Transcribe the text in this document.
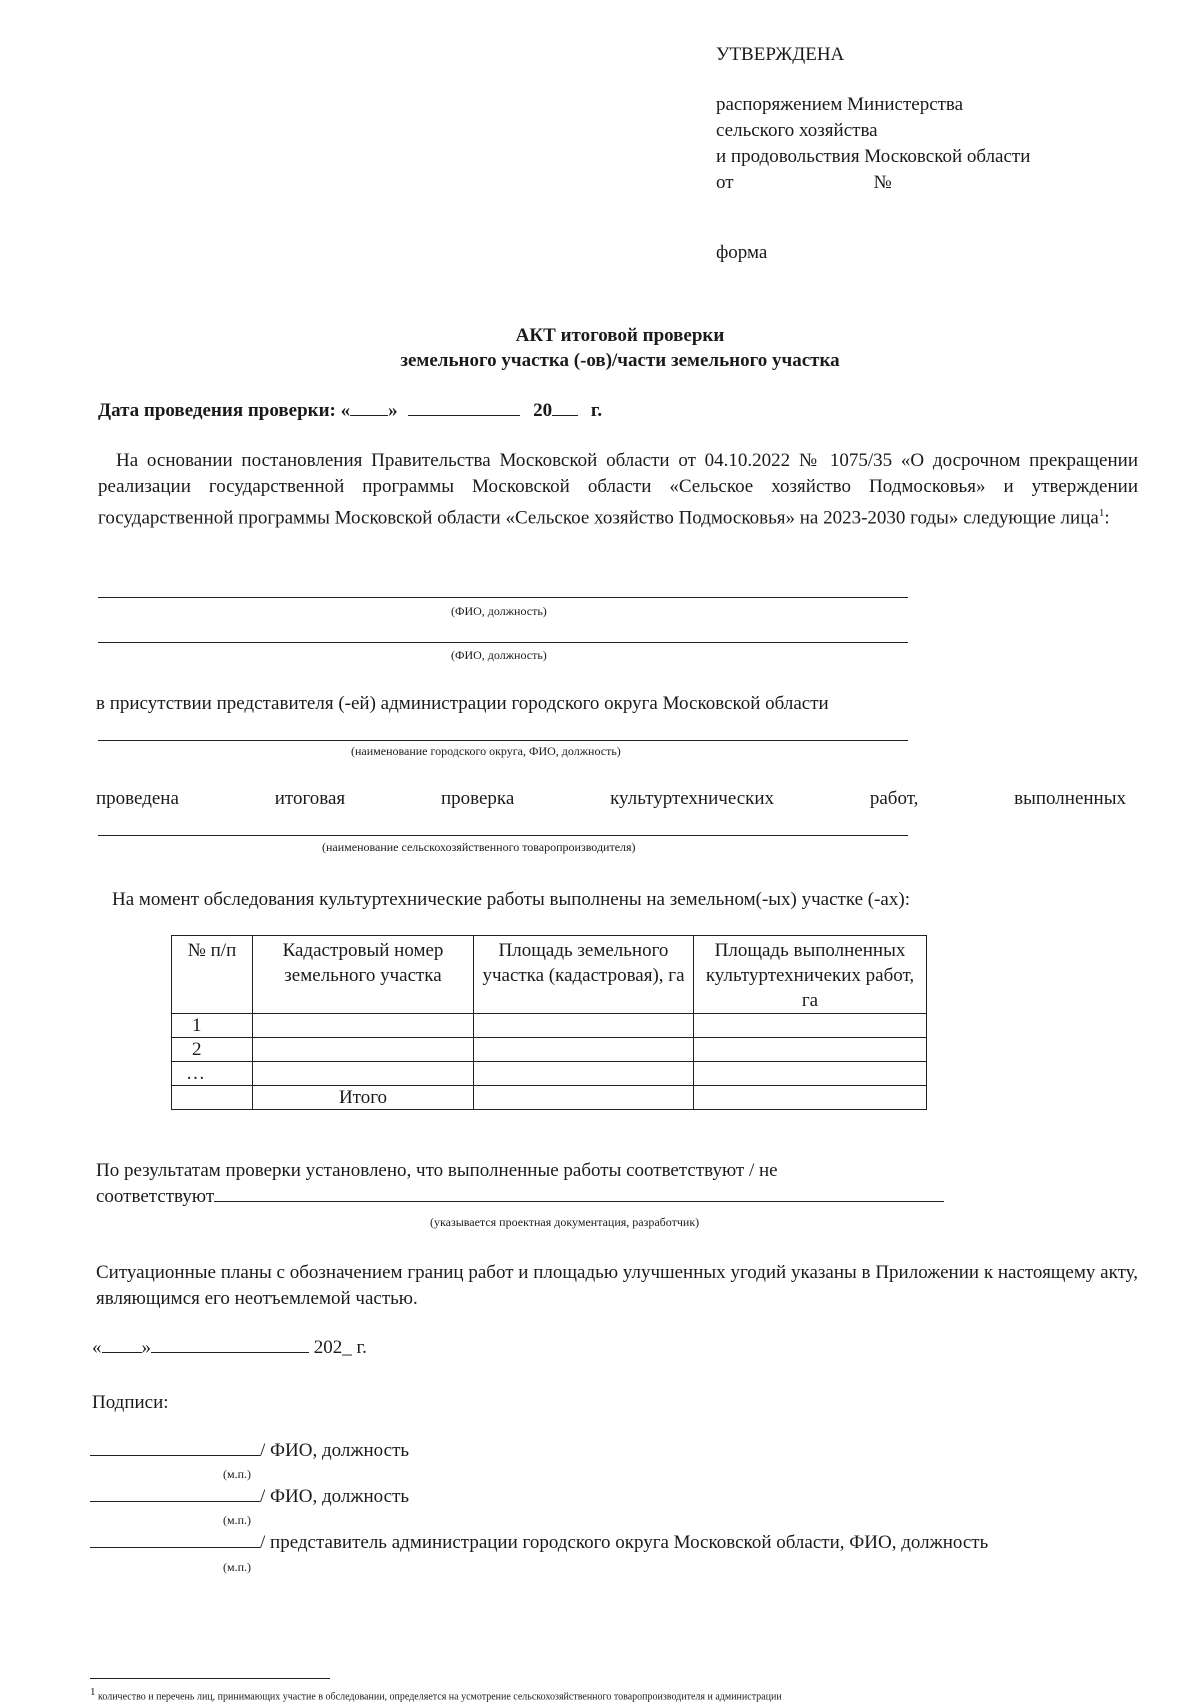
УТВЕРЖДЕНА
распоряжением Министерства
сельского хозяйства
и продовольствия Московской области
от	№
форма
АКТ итоговой проверки
земельного участка (-ов)/части земельного участка
Дата проведения проверки: « »	20 г.
На основании постановления Правительства Московской области от 04.10.2022 № 1075/35 «О досрочном прекращении реализации государственной программы Московской области «Сельское хозяйство Подмосковья» и утверждении государственной программы Московской области «Сельское хозяйство Подмосковья» на 2023-2030 годы» следующие лица$^1$:
(ФИО, должность)
(ФИО, должность)
в присутствии представителя (-ей) администрации городского округа Московской области
(наименование городского округа, ФИО, должность)
проведена	итоговая	проверка	культуртехнических	работ,	выполненных
(наименование сельскохозяйственного товаропроизводителя)
На момент обследования культуртехнические работы выполнены на земельном(-ых) участке (-ах):
№ п/п	Кадастровый номер земельного участка	Площадь земельного участка (кадастровая), га	Площадь выполненных культуртехничеких работ, га
1			
2			
…			
	Итого		
По результатам проверки установлено, что выполненные работы соответствуют / не
соответствуют
(указывается проектная документация, разработчик)
Ситуационные планы с обозначением границ работ и площадью улучшенных угодий указаны в Приложении к настоящему акту, являющимся его неотъемлемой частью.
« »	202_ г.
Подписи:
/ ФИО, должность
(м.п.)
/ ФИО, должность
(м.п.)
/ представитель администрации городского округа Московской области, ФИО, должность
(м.п.)
$^1$ количество и перечень лиц, принимающих участие в обследовании, определяется на усмотрение сельскохозяйственного товаропроизводителя и администрации
